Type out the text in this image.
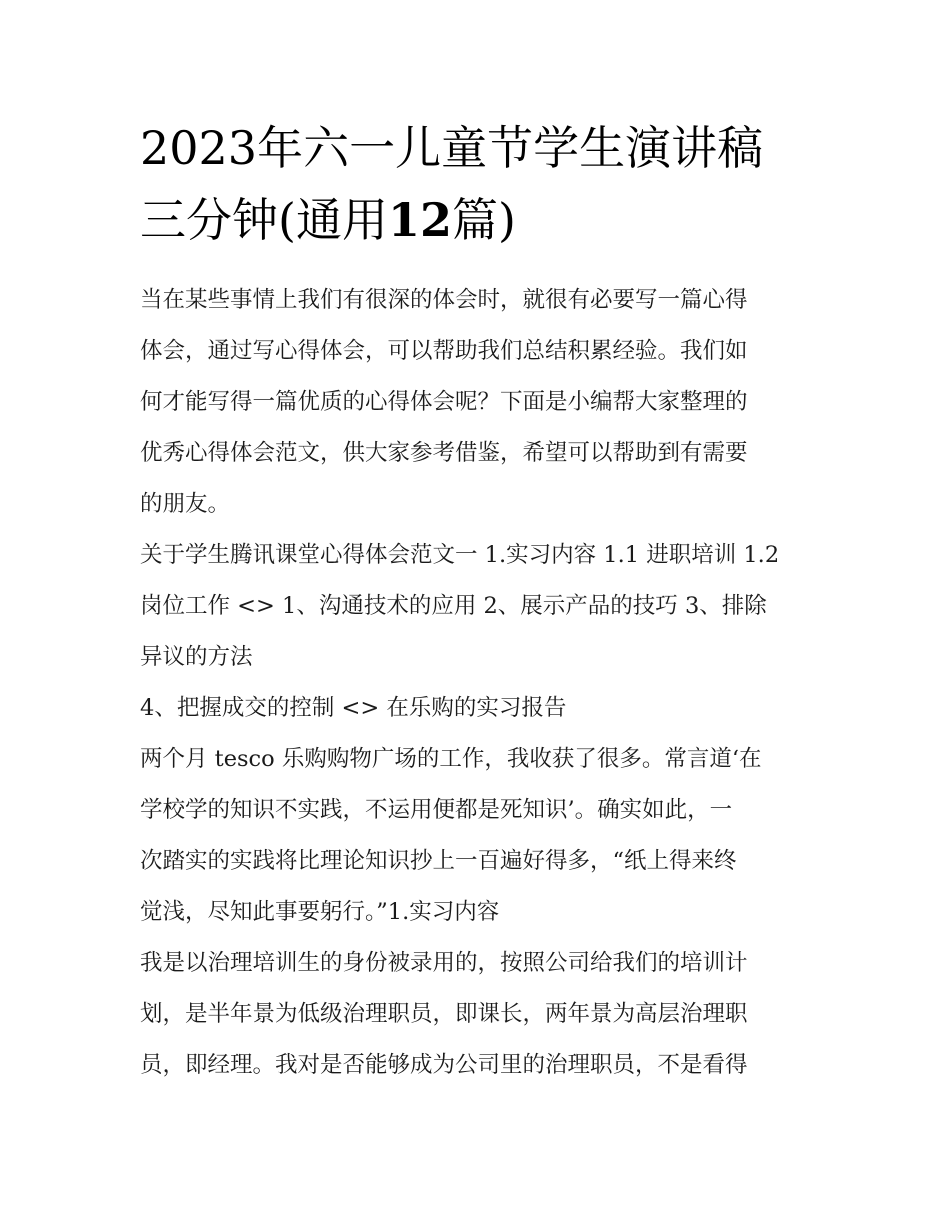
2023年六一儿童节学生演讲稿
三分钟(通用12篇)
当在某些事情上我们有很深的体会时，就很有必要写一篇心得
体会，通过写心得体会，可以帮助我们总结积累经验。我们如
何才能写得一篇优质的心得体会呢？下面是小编帮大家整理的
优秀心得体会范文，供大家参考借鉴，希望可以帮助到有需要
的朋友。
关于学生腾讯课堂心得体会范文一 1.实习内容 1.1 进职培训 1.2
岗位工作 <> 1、沟通技术的应用 2、展示产品的技巧 3、排除
异议的方法
4、把握成交的控制 <> 在乐购的实习报告
两个月 tesco 乐购购物广场的工作，我收获了很多。常言道‘在
学校学的知识不实践，不运用便都是死知识’。确实如此，一
次踏实的实践将比理论知识抄上一百遍好得多，“纸上得来终
觉浅，尽知此事要躬行。”1.实习内容
我是以治理培训生的身份被录用的，按照公司给我们的培训计
划，是半年景为低级治理职员，即课长，两年景为高层治理职
员，即经理。我对是否能够成为公司里的治理职员，不是看得
